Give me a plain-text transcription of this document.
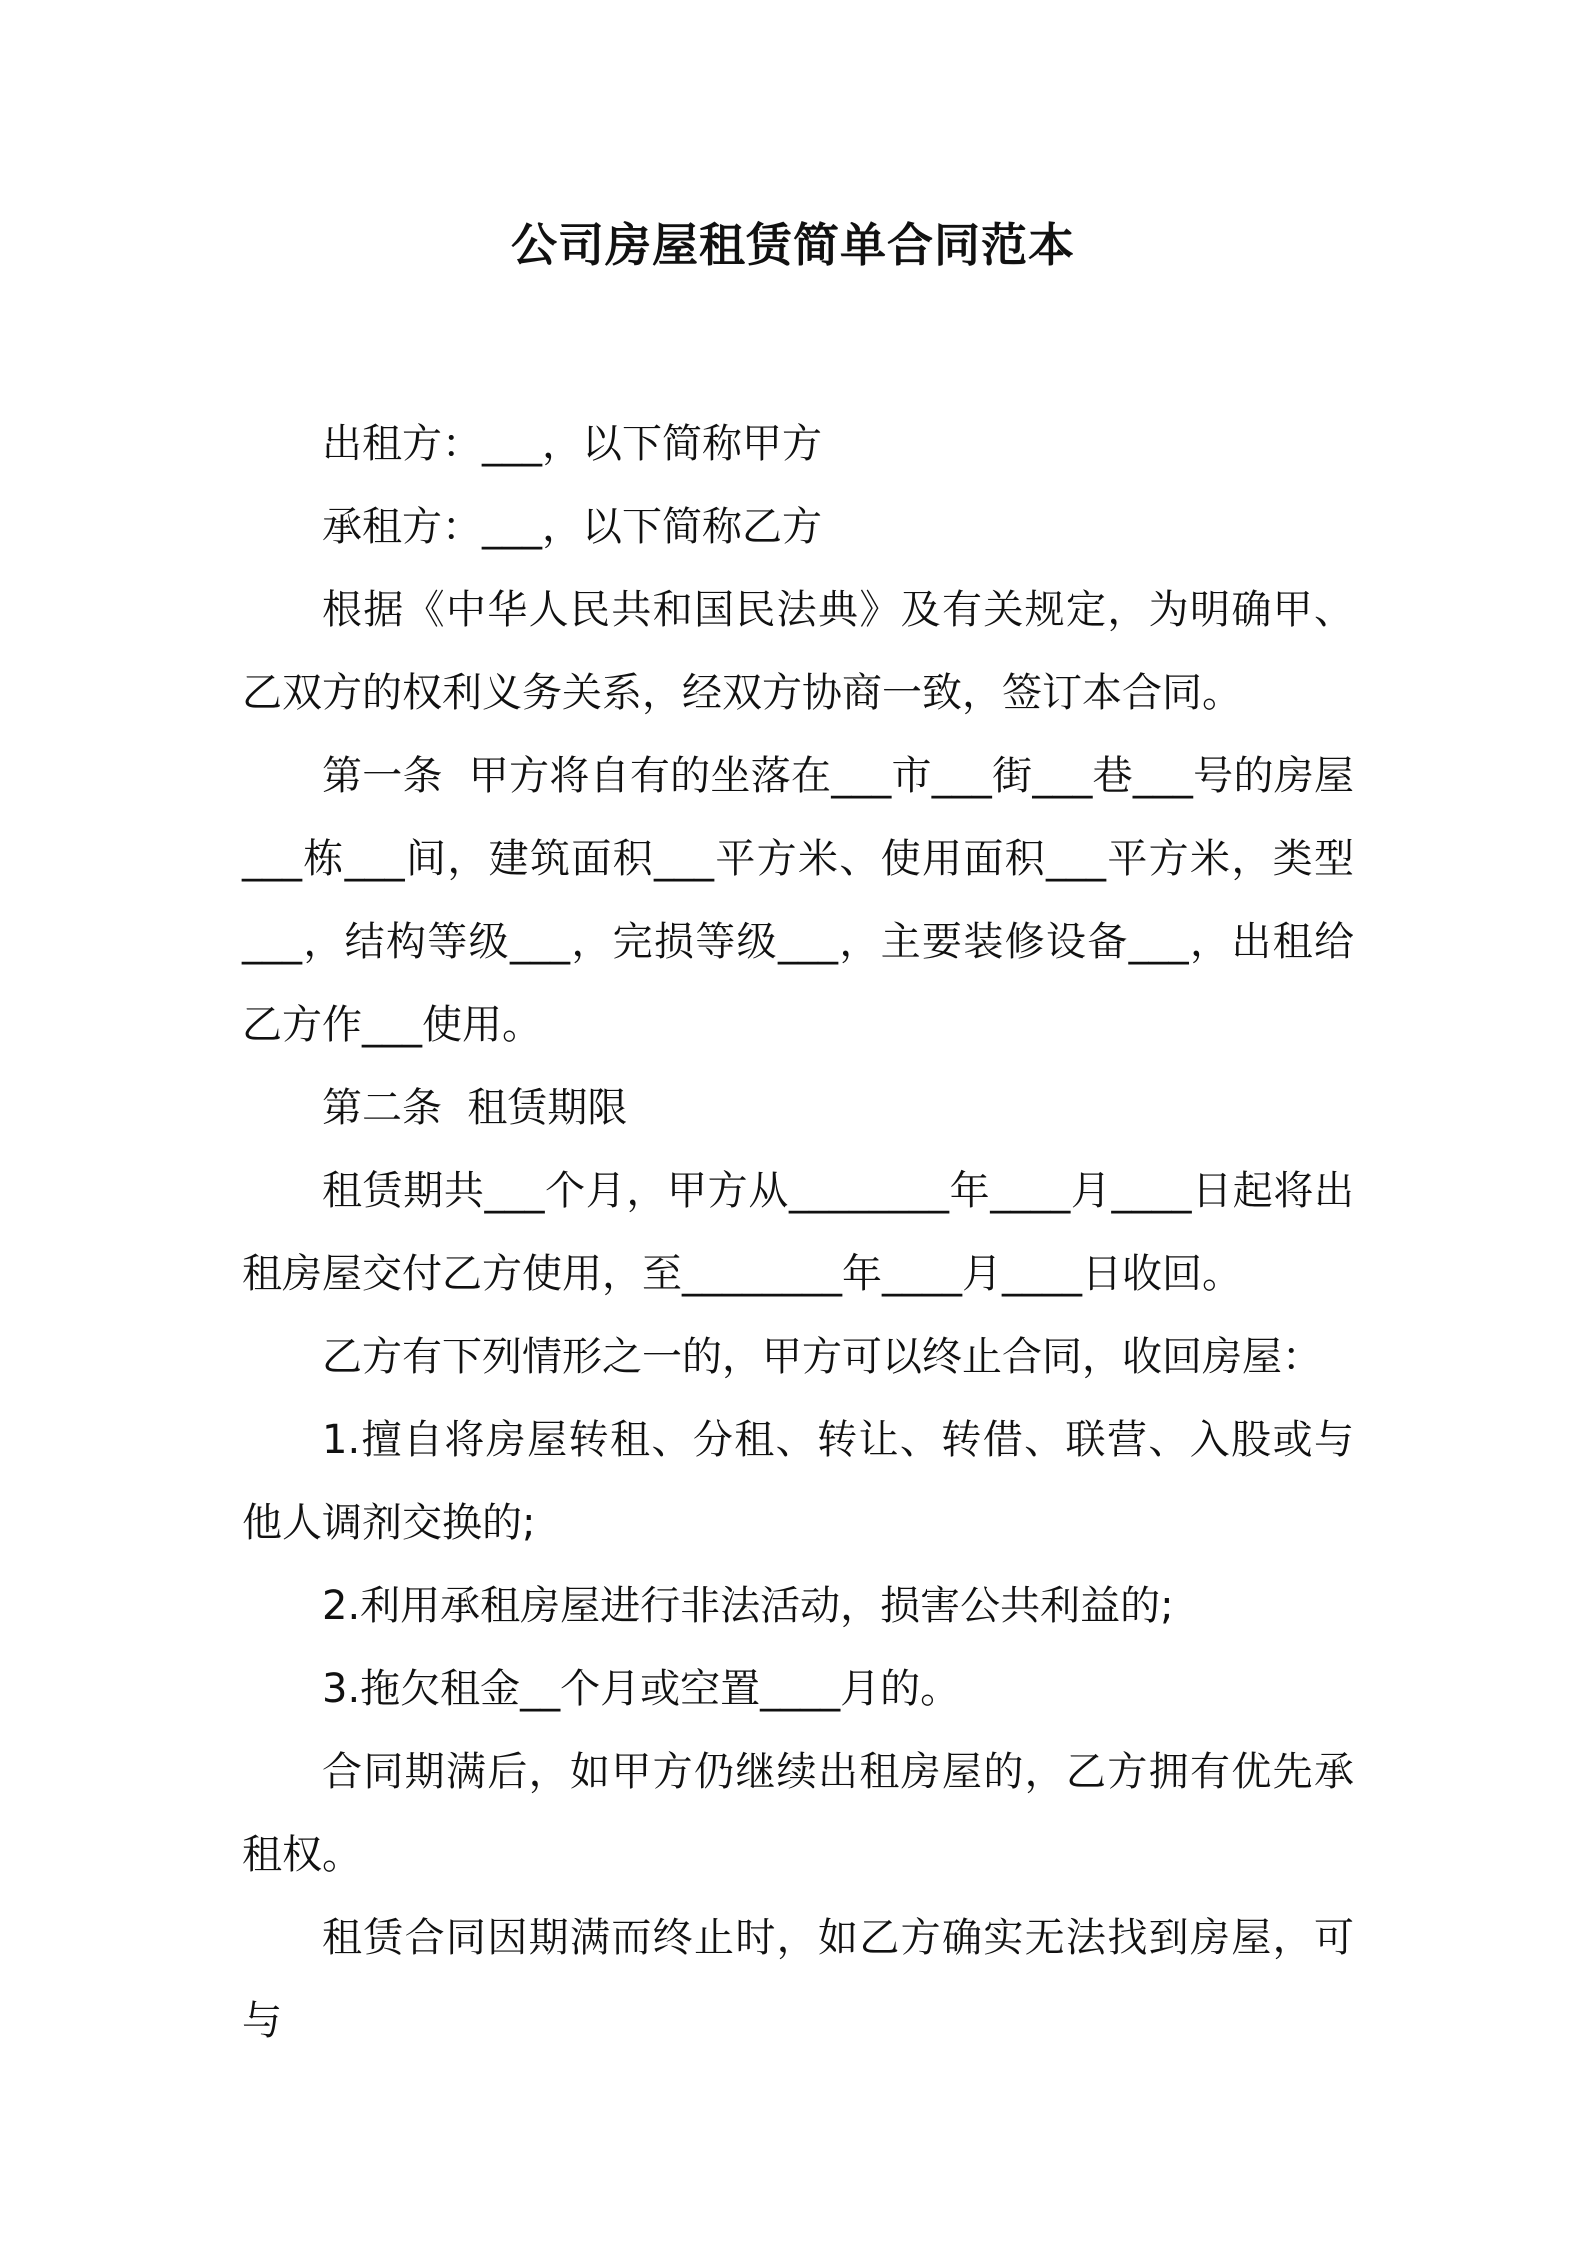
公司房屋租赁简单合同范本

出租方：___，以下简称甲方

承租方：___，以下简称乙方

根据《中华人民共和国民法典》及有关规定，为明确甲、乙双方的权利义务关系，经双方协商一致，签订本合同。

第一条  甲方将自有的坐落在___市___街___巷___号的房屋___栋___间，建筑面积___平方米、使用面积___平方米，类型___，结构等级___，完损等级___，主要装修设备___，出租给乙方作___使用。

第二条  租赁期限

租赁期共___个月，甲方从________年____月____日起将出租房屋交付乙方使用，至________年____月____日收回。

乙方有下列情形之一的，甲方可以终止合同，收回房屋：

1.擅自将房屋转租、分租、转让、转借、联营、入股或与他人调剂交换的;

2.利用承租房屋进行非法活动，损害公共利益的;

3.拖欠租金__个月或空置____月的。

合同期满后，如甲方仍继续出租房屋的，乙方拥有优先承租权。

租赁合同因期满而终止时，如乙方确实无法找到房屋，可与
